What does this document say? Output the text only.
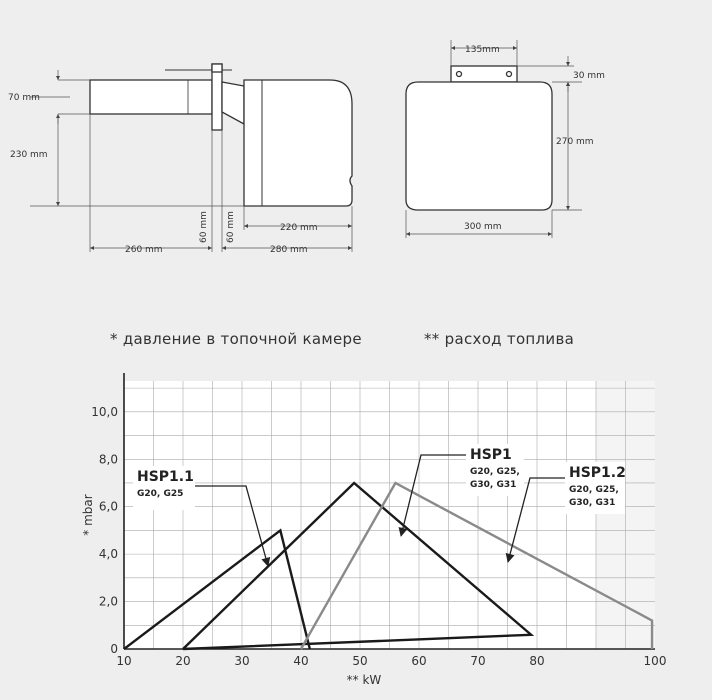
70 mm
230 mm
60 mm 60 mm	220 mm
260 mm	280 mm
135mm
30 mm
270 mm
300 mm
* давление в топочной камере	** расход топлива
10	20	30	40	50	60	70	80	100
0
2,0
4,0
6,0
8,0
10,0
* mbar
** kW
HSP1.1
G20, G25
HSP1
G20, G25,
G30, G31
HSP1.2
G20, G25,
G30, G31
